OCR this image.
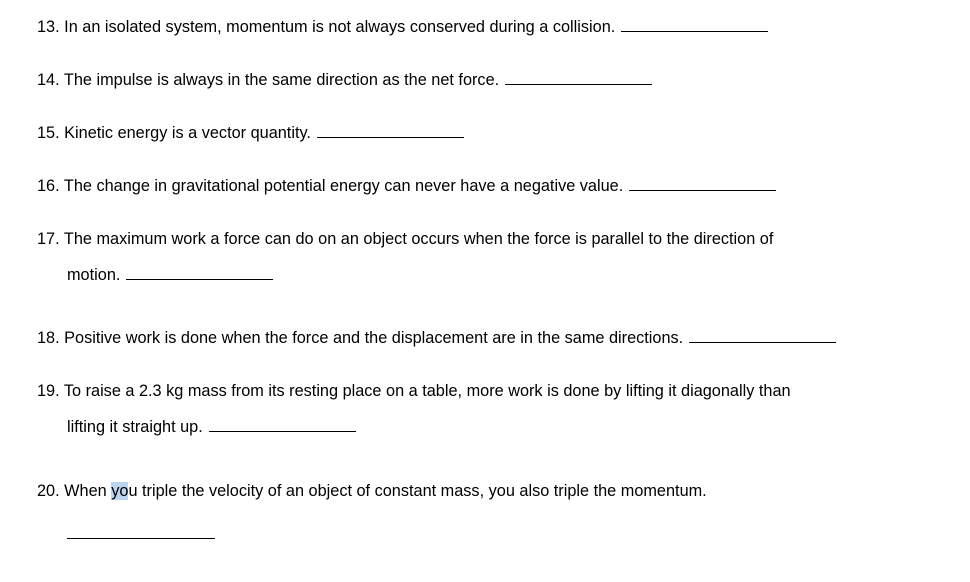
13. In an isolated system, momentum is not always conserved during a collision.
14. The impulse is always in the same direction as the net force.
15. Kinetic energy is a vector quantity.
16. The change in gravitational potential energy can never have a negative value.
17. The maximum work a force can do on an object occurs when the force is parallel to the direction of
motion.
18. Positive work is done when the force and the displacement are in the same directions.
19. To raise a 2.3 kg mass from its resting place on a table, more work is done by lifting it diagonally than
lifting it straight up.
20. When you triple the velocity of an object of constant mass, you also triple the momentum.
